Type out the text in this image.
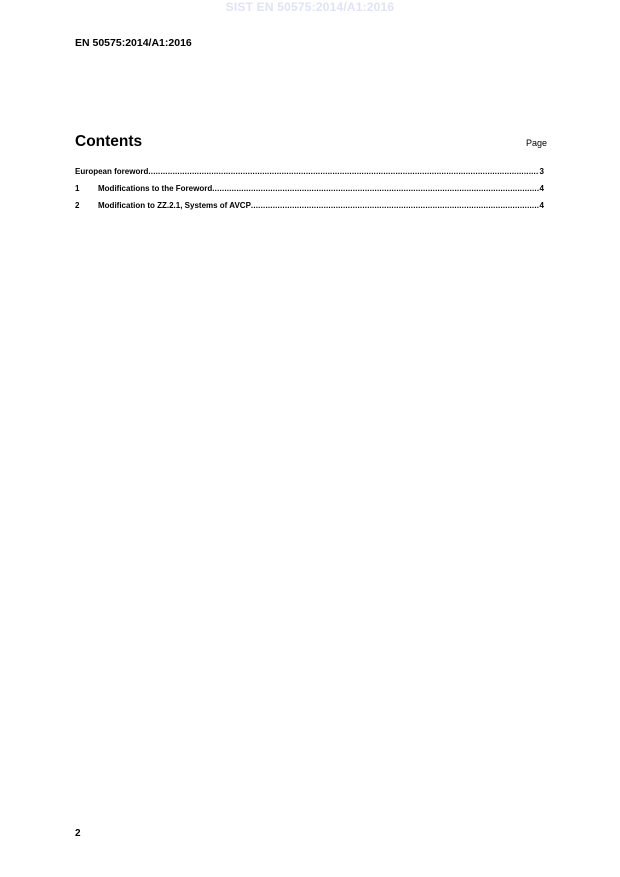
SIST EN 50575:2014/A1:2016
EN 50575:2014/A1:2016
Contents	Page
European foreword .....	3
1	Modifications to the Foreword .....	4
2	Modification to ZZ.2.1, Systems of AVCP .....	4
2
